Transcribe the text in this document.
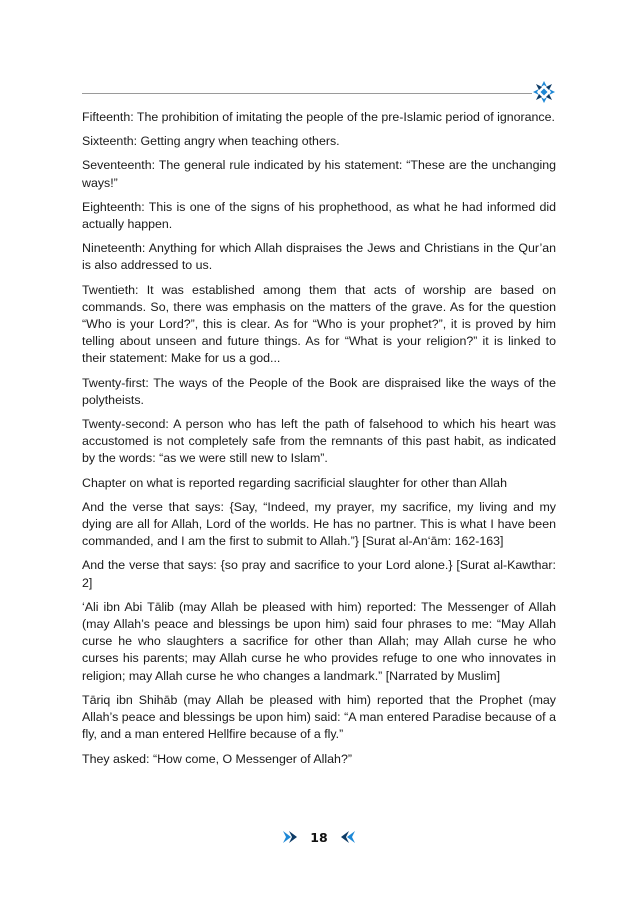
Fifteenth: The prohibition of imitating the people of the pre-Islamic period of ignorance.

Sixteenth: Getting angry when teaching others.

Seventeenth: The general rule indicated by his statement: “These are the unchanging ways!”

Eighteenth: This is one of the signs of his prophethood, as what he had informed did actually happen.

Nineteenth: Anything for which Allah dispraises the Jews and Christians in the Qur’an is also addressed to us.

Twentieth: It was established among them that acts of worship are based on commands. So, there was emphasis on the matters of the grave. As for the question “Who is your Lord?”, this is clear. As for “Who is your prophet?”, it is proved by him telling about unseen and future things. As for “What is your religion?” it is linked to their statement: Make for us a god...

Twenty-first: The ways of the People of the Book are dispraised like the ways of the polytheists.

Twenty-second: A person who has left the path of falsehood to which his heart was accustomed is not completely safe from the remnants of this past habit, as indicated by the words: “as we were still new to Islam”.

Chapter on what is reported regarding sacrificial slaughter for other than Allah

And the verse that says: {Say, “Indeed, my prayer, my sacrifice, my living and my dying are all for Allah, Lord of the worlds. He has no partner. This is what I have been commanded, and I am the first to submit to Allah.”} [Surat al-An‘ām: 162-163]

And the verse that says: {so pray and sacrifice to your Lord alone.} [Surat al-Kawthar: 2]

‘Ali ibn Abi Tālib (may Allah be pleased with him) reported: The Messenger of Allah (may Allah’s peace and blessings be upon him) said four phrases to me: “May Allah curse he who slaughters a sacrifice for other than Allah; may Allah curse he who curses his parents; may Allah curse he who provides refuge to one who innovates in religion; may Allah curse he who changes a landmark.” [Narrated by Muslim]

Tāriq ibn Shihāb (may Allah be pleased with him) reported that the Prophet (may Allah’s peace and blessings be upon him) said: “A man entered Paradise because of a fly, and a man entered Hellfire because of a fly.”

They asked: “How come, O Messenger of Allah?”

18
